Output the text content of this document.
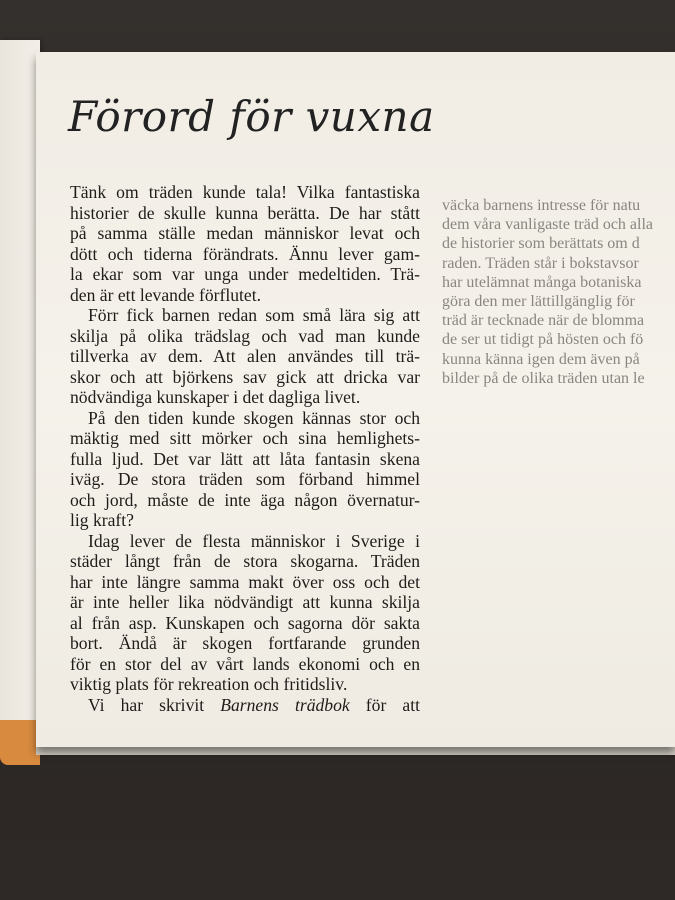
Förord för vuxna
Tänk om träden kunde tala! Vilka fantastiska
historier de skulle kunna berätta. De har stått
på samma ställe medan människor levat och
dött och tiderna förändrats. Ännu lever gam-
la ekar som var unga under medeltiden. Trä-
den är ett levande förflutet.
Förr fick barnen redan som små lära sig att
skilja på olika trädslag och vad man kunde
tillverka av dem. Att alen användes till trä-
skor och att björkens sav gick att dricka var
nödvändiga kunskaper i det dagliga livet.
På den tiden kunde skogen kännas stor och
mäktig med sitt mörker och sina hemlighets-
fulla ljud. Det var lätt att låta fantasin skena
iväg. De stora träden som förband himmel
och jord, måste de inte äga någon övernatur-
lig kraft?
Idag lever de flesta människor i Sverige i
städer långt från de stora skogarna. Träden
har inte längre samma makt över oss och det
är inte heller lika nödvändigt att kunna skilja
al från asp. Kunskapen och sagorna dör sakta
bort. Ändå är skogen fortfarande grunden
för en stor del av vårt lands ekonomi och en
viktig plats för rekreation och fritidsliv.
Vi har skrivit Barnens trädbok för att
väcka barnens intresse för natu
dem våra vanligaste träd och alla
de historier som berättats om d
raden. Träden står i bokstavsor
har utelämnat många botaniska
göra den mer lättillgänglig för
träd är tecknade när de blomma
de ser ut tidigt på hösten och fö
kunna känna igen dem även på
bilder på de olika träden utan le
